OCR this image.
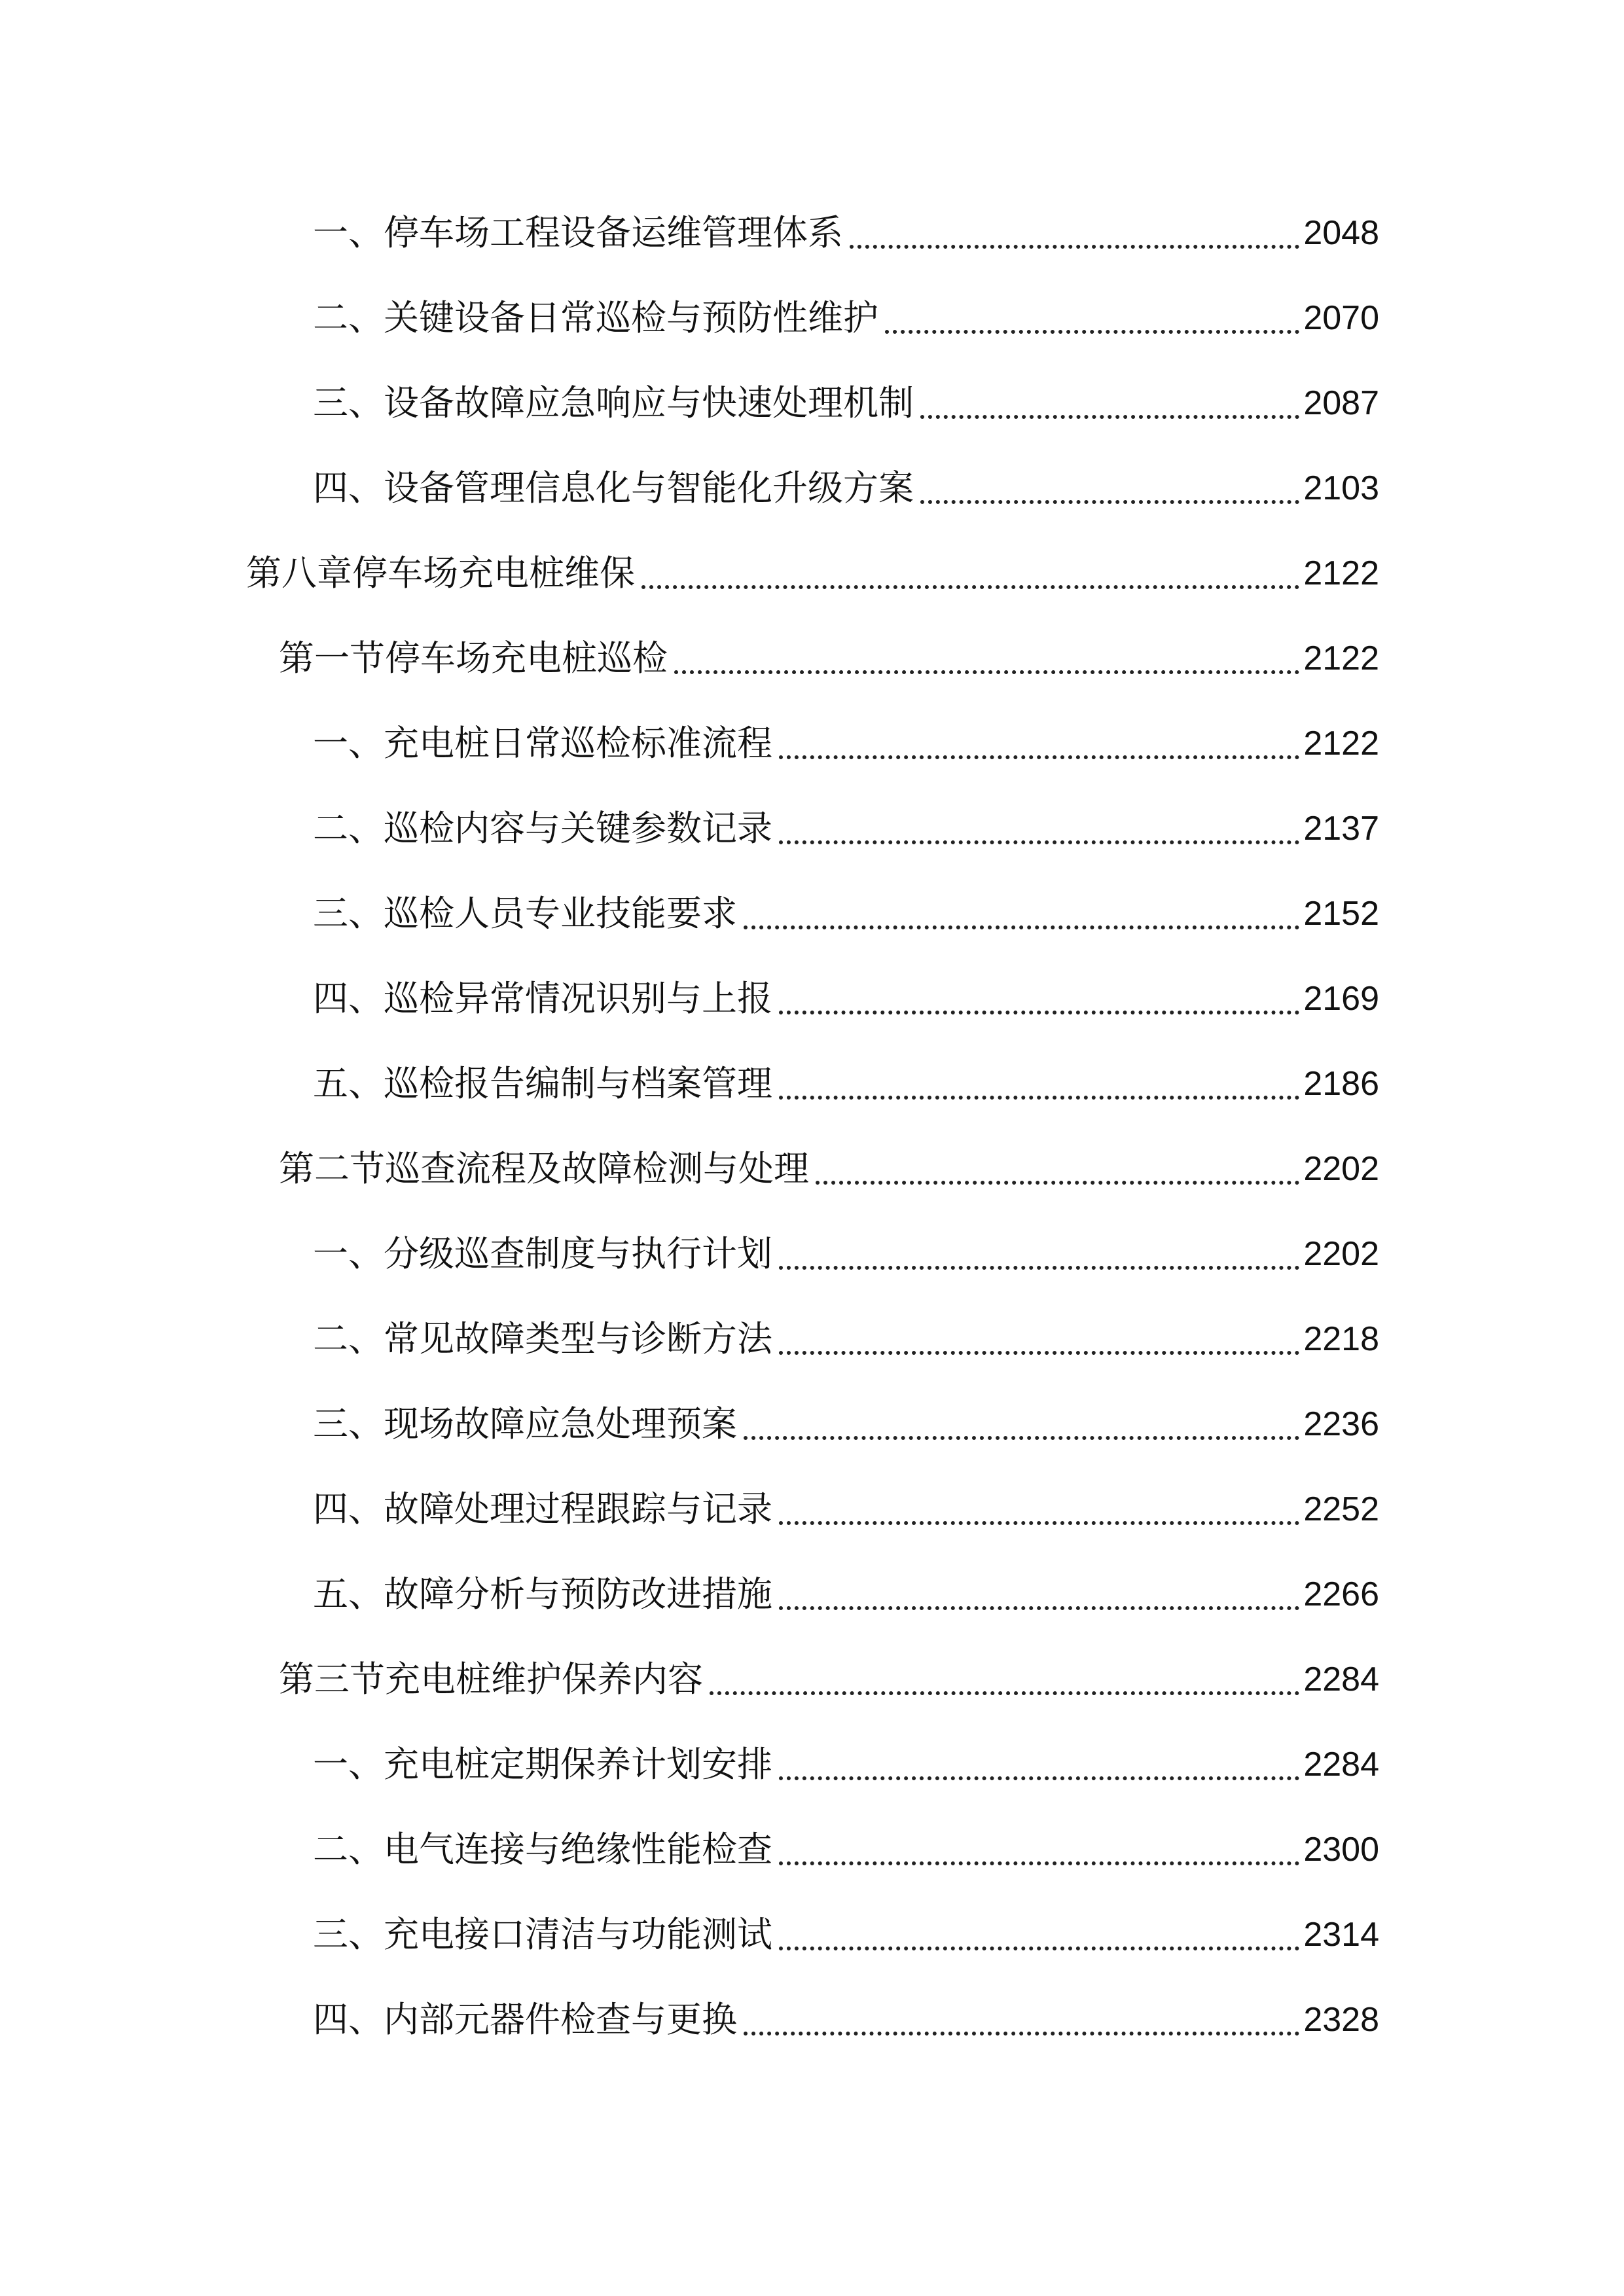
一、停车场工程设备运维管理体系	2048
二、关键设备日常巡检与预防性维护	2070
三、设备故障应急响应与快速处理机制	2087
四、设备管理信息化与智能化升级方案	2103
第八章停车场充电桩维保	2122
第一节停车场充电桩巡检	2122
一、充电桩日常巡检标准流程	2122
二、巡检内容与关键参数记录	2137
三、巡检人员专业技能要求	2152
四、巡检异常情况识别与上报	2169
五、巡检报告编制与档案管理	2186
第二节巡查流程及故障检测与处理	2202
一、分级巡查制度与执行计划	2202
二、常见故障类型与诊断方法	2218
三、现场故障应急处理预案	2236
四、故障处理过程跟踪与记录	2252
五、故障分析与预防改进措施	2266
第三节充电桩维护保养内容	2284
一、充电桩定期保养计划安排	2284
二、电气连接与绝缘性能检查	2300
三、充电接口清洁与功能测试	2314
四、内部元器件检查与更换	2328
